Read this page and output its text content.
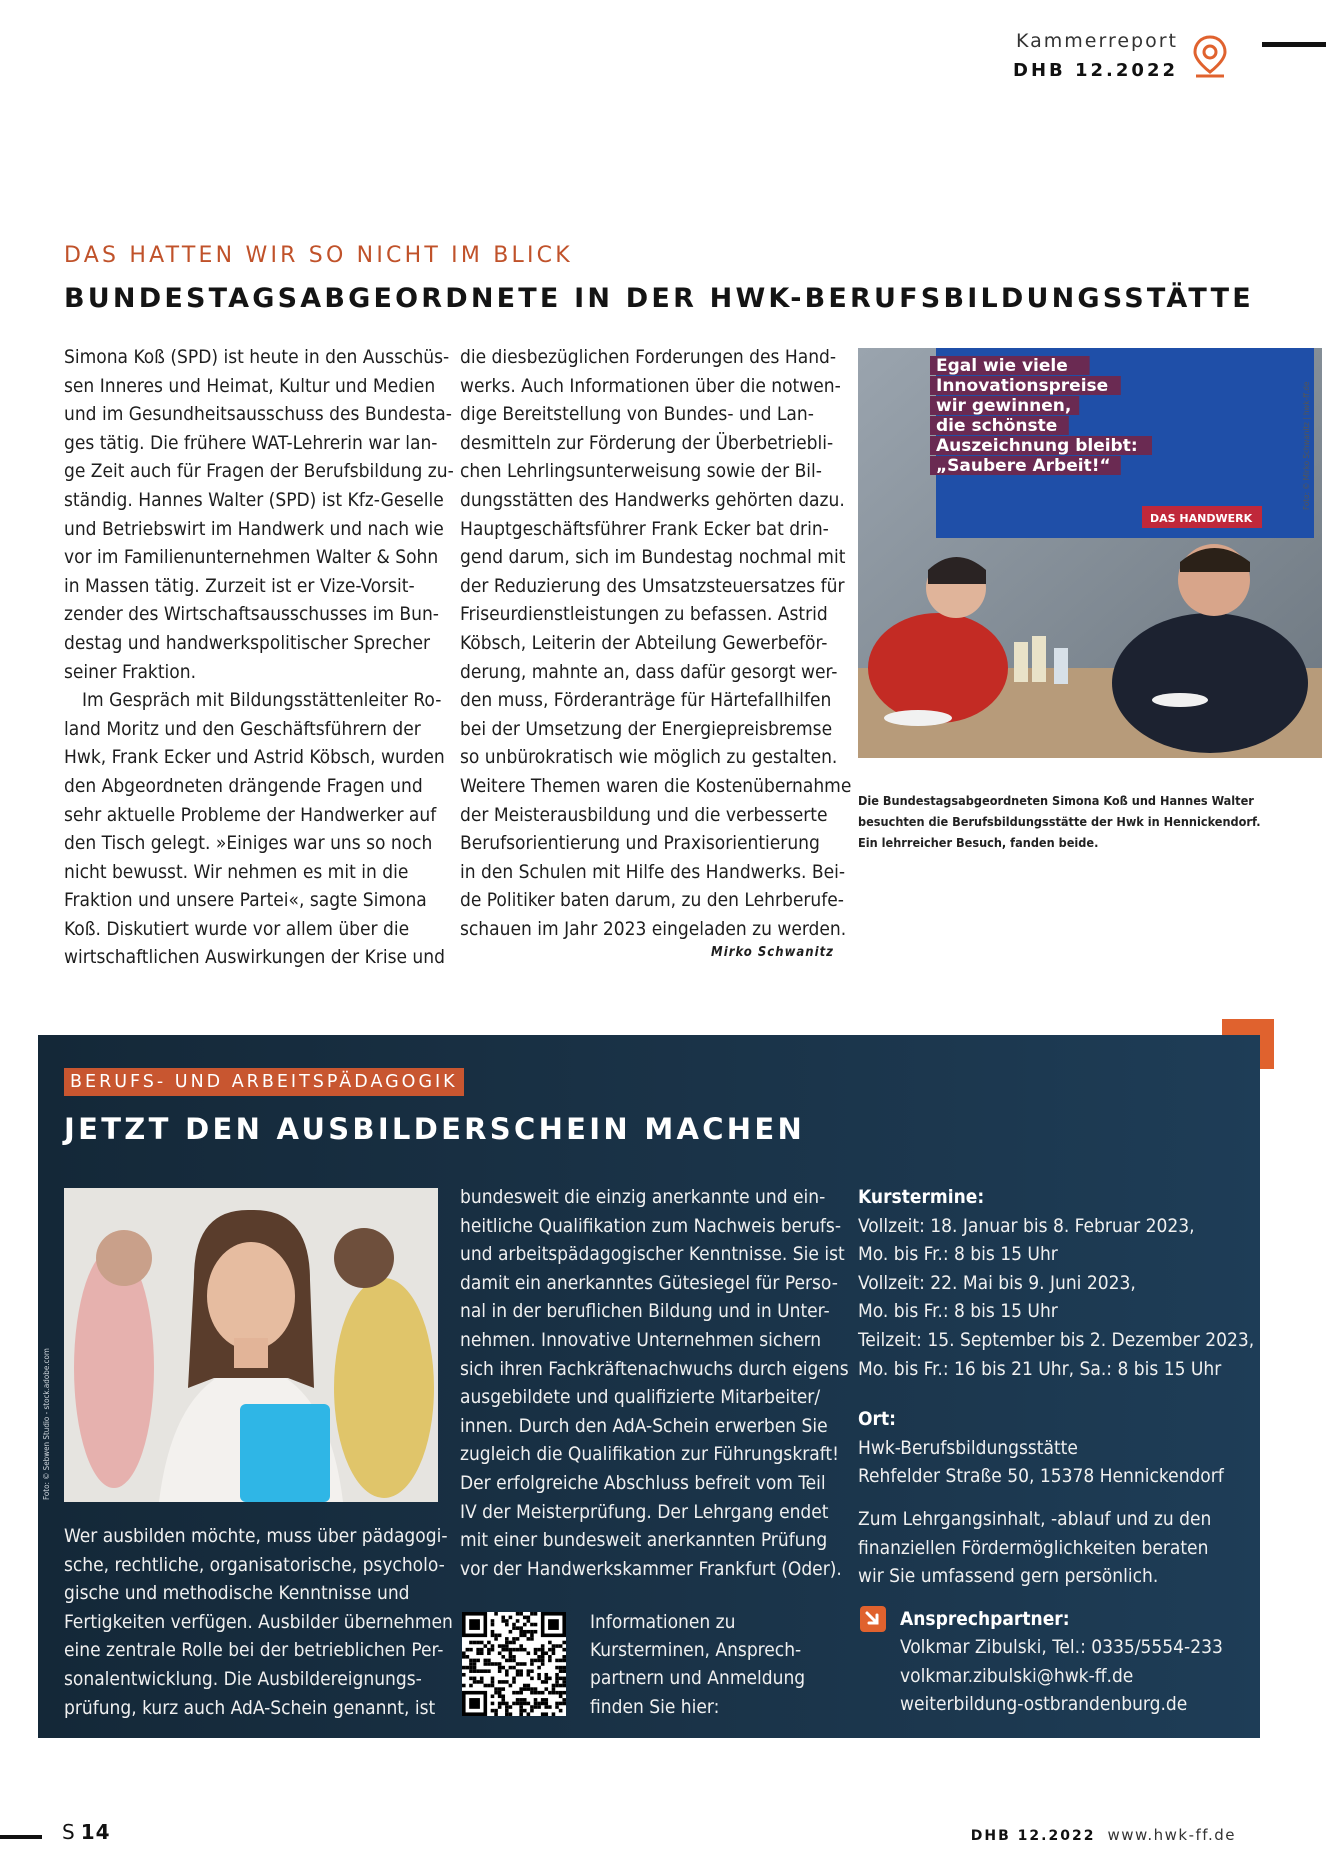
Kammerreport
DHB 12.2022
DAS HATTEN WIR SO NICHT IM BLICK
BUNDESTAGSABGEORDNETE IN DER HWK-BERUFSBILDUNGSSTÄTTE
Simona Koß (SPD) ist heute in den Ausschüs-
sen Inneres und Heimat, Kultur und Medien
und im Gesundheitsausschuss des Bundesta-
ges tätig. Die frühere WAT-Lehrerin war lan-
ge Zeit auch für Fragen der Berufsbildung zu-
ständig. Hannes Walter (SPD) ist Kfz-Geselle
und Betriebswirt im Handwerk und nach wie
vor im Familienunternehmen Walter & Sohn
in Massen tätig. Zurzeit ist er Vize-Vorsit-
zender des Wirtschaftsausschusses im Bun-
destag und handwerkspolitischer Sprecher
seiner Fraktion.
Im Gespräch mit Bildungsstättenleiter Ro-
land Moritz und den Geschäftsführern der
Hwk, Frank Ecker und Astrid Köbsch, wurden
den Abgeordneten drängende Fragen und
sehr aktuelle Probleme der Handwerker auf
den Tisch gelegt. »Einiges war uns so noch
nicht bewusst. Wir nehmen es mit in die
Fraktion und unsere Partei«, sagte Simona
Koß. Diskutiert wurde vor allem über die
wirtschaftlichen Auswirkungen der Krise und
die diesbezüglichen Forderungen des Hand-
werks. Auch Informationen über die notwen-
dige Bereitstellung von Bundes- und Lan-
desmitteln zur Förderung der Überbetriebli-
chen Lehrlingsunterweisung sowie der Bil-
dungsstätten des Handwerks gehörten dazu.
Hauptgeschäftsführer Frank Ecker bat drin-
gend darum, sich im Bundestag nochmal mit
der Reduzierung des Umsatzsteuersatzes für
Friseurdienstleistungen zu befassen. Astrid
Köbsch, Leiterin der Abteilung Gewerbeför-
derung, mahnte an, dass dafür gesorgt wer-
den muss, Förderanträge für Härtefallhilfen
bei der Umsetzung der Energiepreisbremse
so unbürokratisch wie möglich zu gestalten.
Weitere Themen waren die Kostenübernahme
der Meisterausbildung und die verbesserte
Berufsorientierung und Praxisorientierung
in den Schulen mit Hilfe des Handwerks. Bei-
de Politiker baten darum, zu den Lehrberufe-
schauen im Jahr 2023 eingeladen zu werden.
Mirko Schwanitz
DAS HANDWERK
Egal wie viele
Innovationspreise
wir gewinnen,
die schönste
Auszeichnung bleibt:
„Saubere Arbeit!“	Foto: © Mirko Schwanitz | hwk-ff.de
Die Bundestagsabgeordneten Simona Koß und Hannes Walter
besuchten die Berufsbildungsstätte der Hwk in Hennickendorf.
Ein lehrreicher Besuch, fanden beide.
BERUFS- UND ARBEITSPÄDAGOGIK
JETZT DEN AUSBILDERSCHEIN MACHEN
Foto: © Sebwen Studio - stock.adobe.com
Wer ausbilden möchte, muss über pädagogi-
sche, rechtliche, organisatorische, psycholo-
gische und methodische Kenntnisse und
Fertigkeiten verfügen. Ausbilder übernehmen
eine zentrale Rolle bei der betrieblichen Per-
sonalentwicklung. Die Ausbildereignungs-
prüfung, kurz auch AdA-Schein genannt, ist
bundesweit die einzig anerkannte und ein-
heitliche Qualifikation zum Nachweis berufs-
und arbeitspädagogischer Kenntnisse. Sie ist
damit ein anerkanntes Gütesiegel für Perso-
nal in der beruflichen Bildung und in Unter-
nehmen. Innovative Unternehmen sichern
sich ihren Fachkräftenachwuchs durch eigens
ausgebildete und qualifizierte Mitarbeiter/
innen. Durch den AdA-Schein erwerben Sie
zugleich die Qualifikation zur Führungskraft!
Der erfolgreiche Abschluss befreit vom Teil
IV der Meisterprüfung. Der Lehrgang endet
mit einer bundesweit anerkannten Prüfung
vor der Handwerkskammer Frankfurt (Oder).
Informationen zu
Kursterminen, Ansprech-
partnern und Anmeldung
finden Sie hier:
Kurstermine:
Vollzeit: 18. Januar bis 8. Februar 2023,
Mo. bis Fr.: 8 bis 15 Uhr
Vollzeit: 22. Mai bis 9. Juni 2023,
Mo. bis Fr.: 8 bis 15 Uhr
Teilzeit: 15. September bis 2. Dezember 2023,
Mo. bis Fr.: 16 bis 21 Uhr, Sa.: 8 bis 15 Uhr
Ort:
Hwk-Berufsbildungsstätte
Rehfelder Straße 50, 15378 Hennickendorf
Zum Lehrgangsinhalt, -ablauf und zu den
finanziellen Fördermöglichkeiten beraten
wir Sie umfassend gern persönlich.
Ansprechpartner:
Volkmar Zibulski, Tel.: 0335/5554-233
volkmar.zibulski@hwk-ff.de
weiterbildung-ostbrandenburg.de
S 14	DHB 12.2022 www.hwk-ff.de
